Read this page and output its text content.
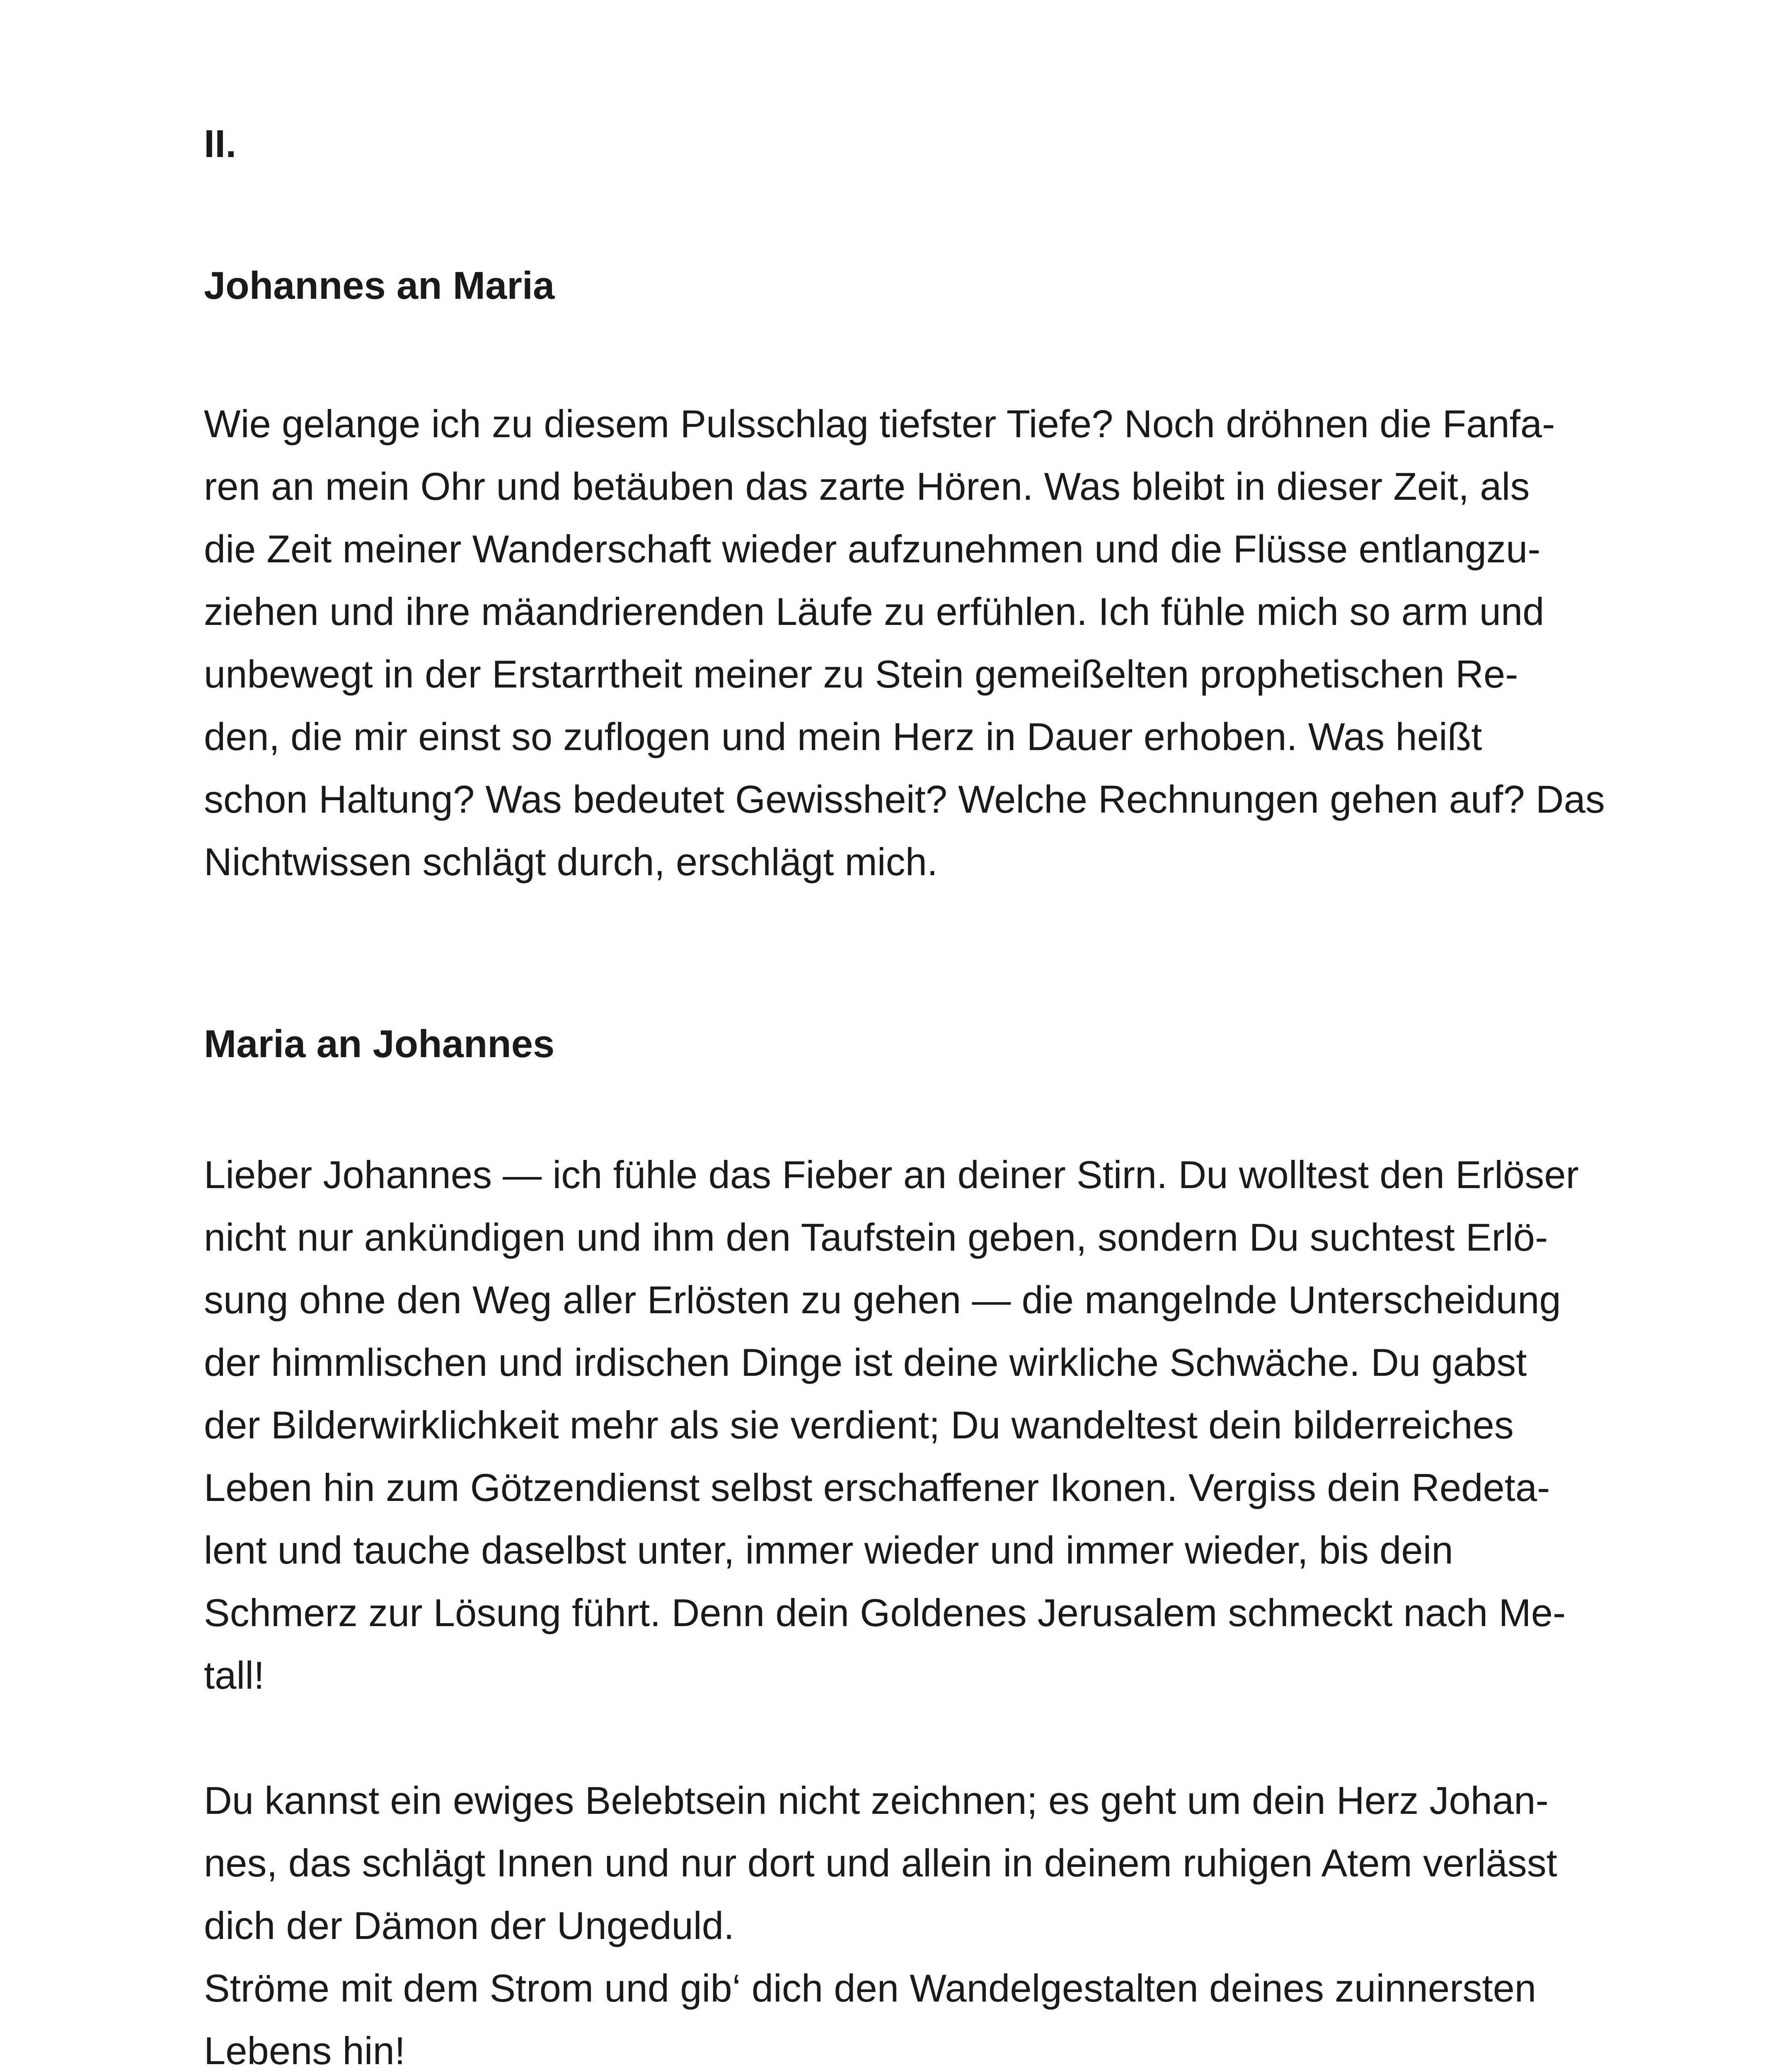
II.
Johannes an Maria

Wie gelange ich zu diesem Pulsschlag tiefster Tiefe? Noch dröhnen die Fanfa-

ren an mein Ohr und betäuben das zarte Hören. Was bleibt in dieser Zeit, als

die Zeit meiner Wanderschaft wieder aufzunehmen und die Flüsse entlangzu-

ziehen und ihre mäandrierenden Läufe zu erfühlen. Ich fühle mich so arm und

unbewegt in der Erstarrtheit meiner zu Stein gemeißelten prophetischen Re-

den, die mir einst so zuflogen und mein Herz in Dauer erhoben. Was heißt

schon Haltung? Was bedeutet Gewissheit? Welche Rechnungen gehen auf? Das

Nichtwissen schlägt durch, erschlägt mich.

Maria an Johannes

Lieber Johannes — ich fühle das Fieber an deiner Stirn. Du wolltest den Erlöser

nicht nur ankündigen und ihm den Taufstein geben, sondern Du suchtest Erlö-

sung ohne den Weg aller Erlösten zu gehen — die mangelnde Unterscheidung

der himmlischen und irdischen Dinge ist deine wirkliche Schwäche. Du gabst

der Bilderwirklichkeit mehr als sie verdient; Du wandeltest dein bilderreiches

Leben hin zum Götzendienst selbst erschaffener Ikonen. Vergiss dein Redeta-

lent und tauche daselbst unter, immer wieder und immer wieder, bis dein

Schmerz zur Lösung führt. Denn dein Goldenes Jerusalem schmeckt nach Me-

tall!

Du kannst ein ewiges Belebtsein nicht zeichnen; es geht um dein Herz Johan-

nes, das schlägt Innen und nur dort und allein in deinem ruhigen Atem verlässt

dich der Dämon der Ungeduld.

Ströme mit dem Strom und gib‘ dich den Wandelgestalten deines zuinnersten

Lebens hin!
